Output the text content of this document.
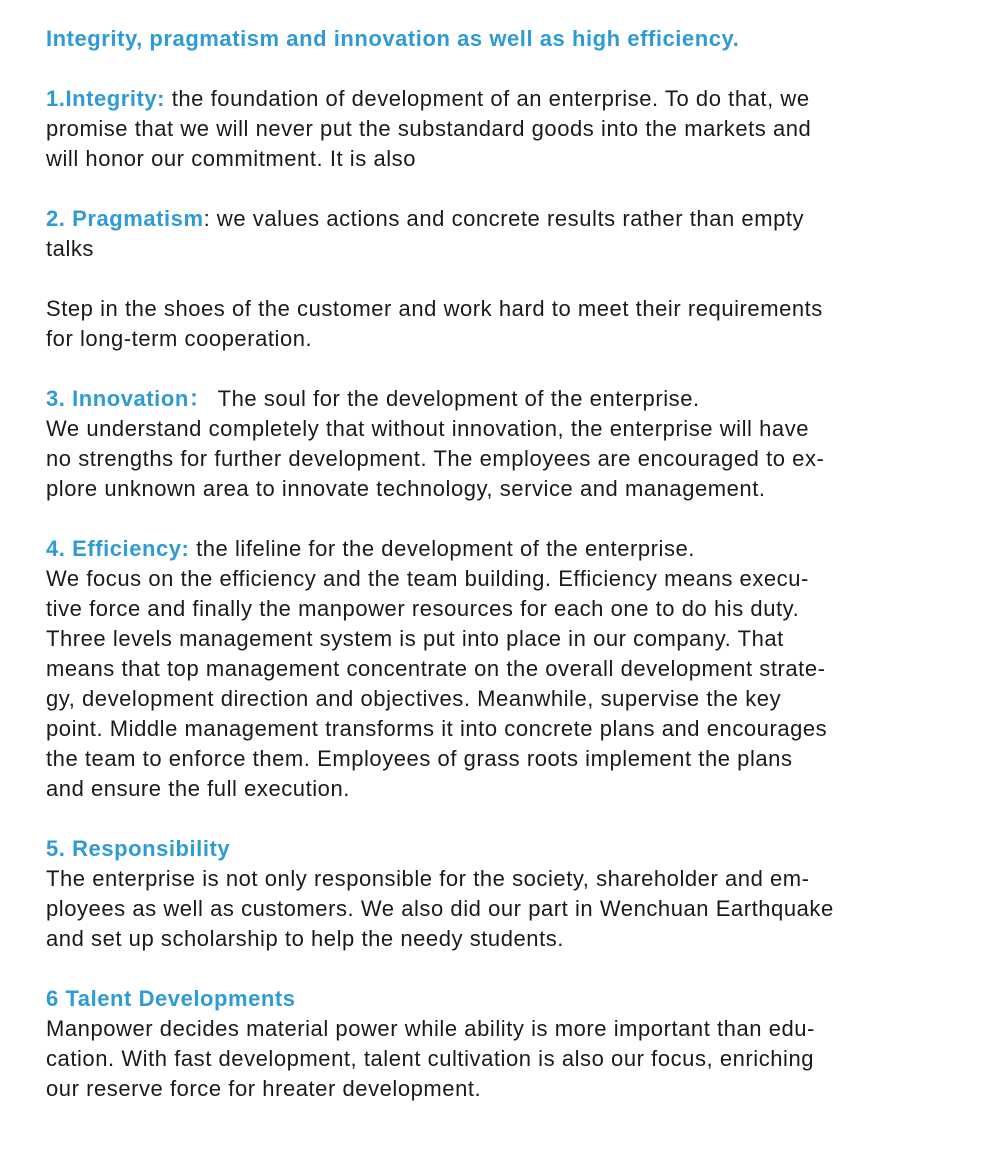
Integrity, pragmatism and innovation as well as high efficiency.
1.Integrity: the foundation of development of an enterprise. To do that, we
promise that we will never put the substandard goods into the markets and
will honor our commitment. It is also
2. Pragmatism: we values actions and concrete results rather than empty
talks
Step in the shoes of the customer and work hard to meet their requirements
for long-term cooperation.
3. Innovation： The soul for the development of the enterprise.
We understand completely that without innovation, the enterprise will have
no strengths for further development. The employees are encouraged to ex-
plore unknown area to innovate technology, service and management.
4. Efficiency: the lifeline for the development of the enterprise.
We focus on the efficiency and the team building. Efficiency means execu-
tive force and finally the manpower resources for each one to do his duty.
Three levels management system is put into place in our company. That
means that top management concentrate on the overall development strate-
gy, development direction and objectives. Meanwhile, supervise the key
point. Middle management transforms it into concrete plans and encourages
the team to enforce them. Employees of grass roots implement the plans
and ensure the full execution.
5. Responsibility
The enterprise is not only responsible for the society, shareholder and em-
ployees as well as customers. We also did our part in Wenchuan Earthquake
and set up scholarship to help the needy students.
6 Talent Developments
Manpower decides material power while ability is more important than edu-
cation. With fast development, talent cultivation is also our focus, enriching
our reserve force for hreater development.
